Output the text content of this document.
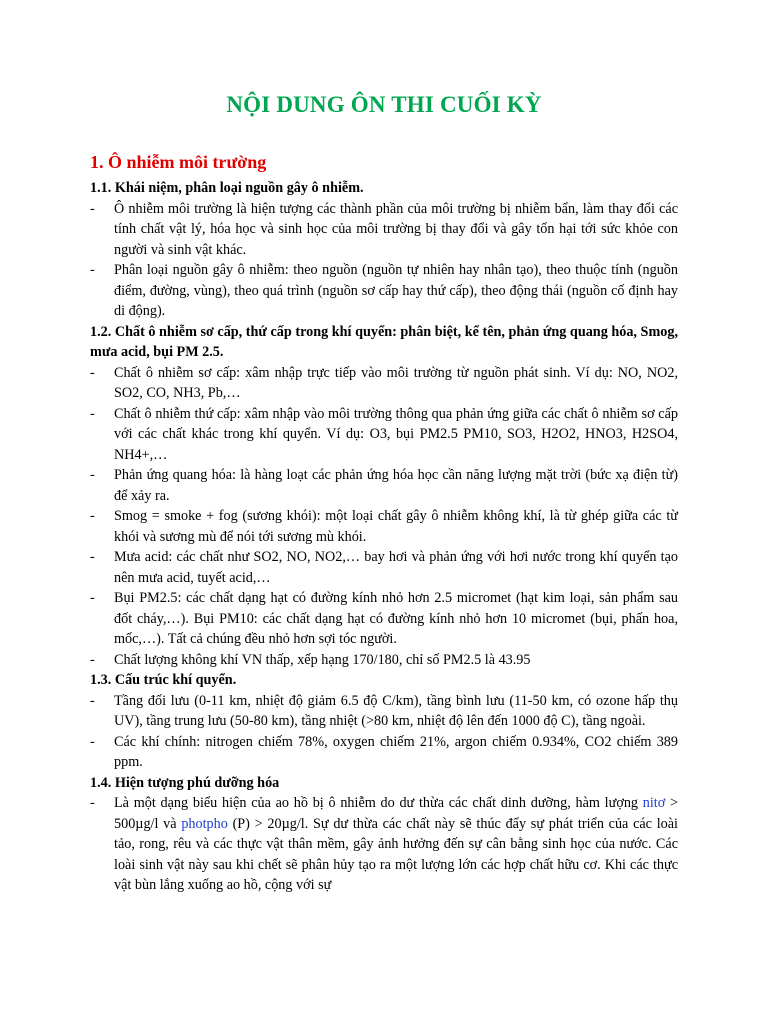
NỘI DUNG ÔN THI CUỐI KỲ
1. Ô nhiễm môi trường
1.1. Khái niệm, phân loại nguồn gây ô nhiễm.
- Ô nhiễm môi trường là hiện tượng các thành phần của môi trường bị nhiễm bẩn, làm thay đổi các tính chất vật lý, hóa học và sinh học của môi trường bị thay đổi và gây tổn hại tới sức khỏe con người và sinh vật khác.
- Phân loại nguồn gây ô nhiễm: theo nguồn (nguồn tự nhiên hay nhân tạo), theo thuộc tính (nguồn điểm, đường, vùng), theo quá trình (nguồn sơ cấp hay thứ cấp), theo động thái (nguồn cố định hay di động).
1.2. Chất ô nhiễm sơ cấp, thứ cấp trong khí quyển: phân biệt, kể tên, phản ứng quang hóa, Smog, mưa acid, bụi PM 2.5.
- Chất ô nhiễm sơ cấp: xâm nhập trực tiếp vào môi trường từ nguồn phát sinh. Ví dụ: NO, NO2, SO2, CO, NH3, Pb,…
- Chất ô nhiễm thứ cấp: xâm nhập vào môi trường thông qua phản ứng giữa các chất ô nhiễm sơ cấp với các chất khác trong khí quyển. Ví dụ: O3, bụi PM2.5 PM10, SO3, H2O2, HNO3, H2SO4, NH4+,…
- Phản ứng quang hóa: là hàng loạt các phản ứng hóa học cần năng lượng mặt trời (bức xạ điện từ) để xảy ra.
- Smog = smoke + fog (sương khói): một loại chất gây ô nhiễm không khí, là từ ghép giữa các từ khói và sương mù để nói tới sương mù khói.
- Mưa acid: các chất như SO2, NO, NO2,… bay hơi và phản ứng với hơi nước trong khí quyển tạo nên mưa acid, tuyết acid,…
- Bụi PM2.5: các chất dạng hạt có đường kính nhỏ hơn 2.5 micromet (hạt kim loại, sản phẩm sau đốt cháy,…). Bụi PM10: các chất dạng hạt có đường kính nhỏ hơn 10 micromet (bụi, phấn hoa, mốc,…). Tất cả chúng đều nhỏ hơn sợi tóc người.
- Chất lượng không khí VN thấp, xếp hạng 170/180, chỉ số PM2.5 là 43.95
1.3. Cấu trúc khí quyển.
- Tầng đối lưu (0-11 km, nhiệt độ giảm 6.5 độ C/km), tầng bình lưu (11-50 km, có ozone hấp thụ UV), tầng trung lưu (50-80 km), tầng nhiệt (>80 km, nhiệt độ lên đến 1000 độ C), tầng ngoài.
- Các khí chính: nitrogen chiếm 78%, oxygen chiếm 21%, argon chiếm 0.934%, CO2 chiếm 389 ppm.
1.4. Hiện tượng phú dưỡng hóa
- Là một dạng biểu hiện của ao hồ bị ô nhiễm do dư thừa các chất dinh dưỡng, hàm lượng nitơ > 500µg/l và photpho (P) > 20µg/l. Sự dư thừa các chất này sẽ thúc đẩy sự phát triển của các loài tảo, rong, rêu và các thực vật thân mềm, gây ảnh hưởng đến sự cân bằng sinh học của nước. Các loài sinh vật này sau khi chết sẽ phân hủy tạo ra một lượng lớn các hợp chất hữu cơ. Khi các thực vật bùn lắng xuống ao hồ, cộng với sự
